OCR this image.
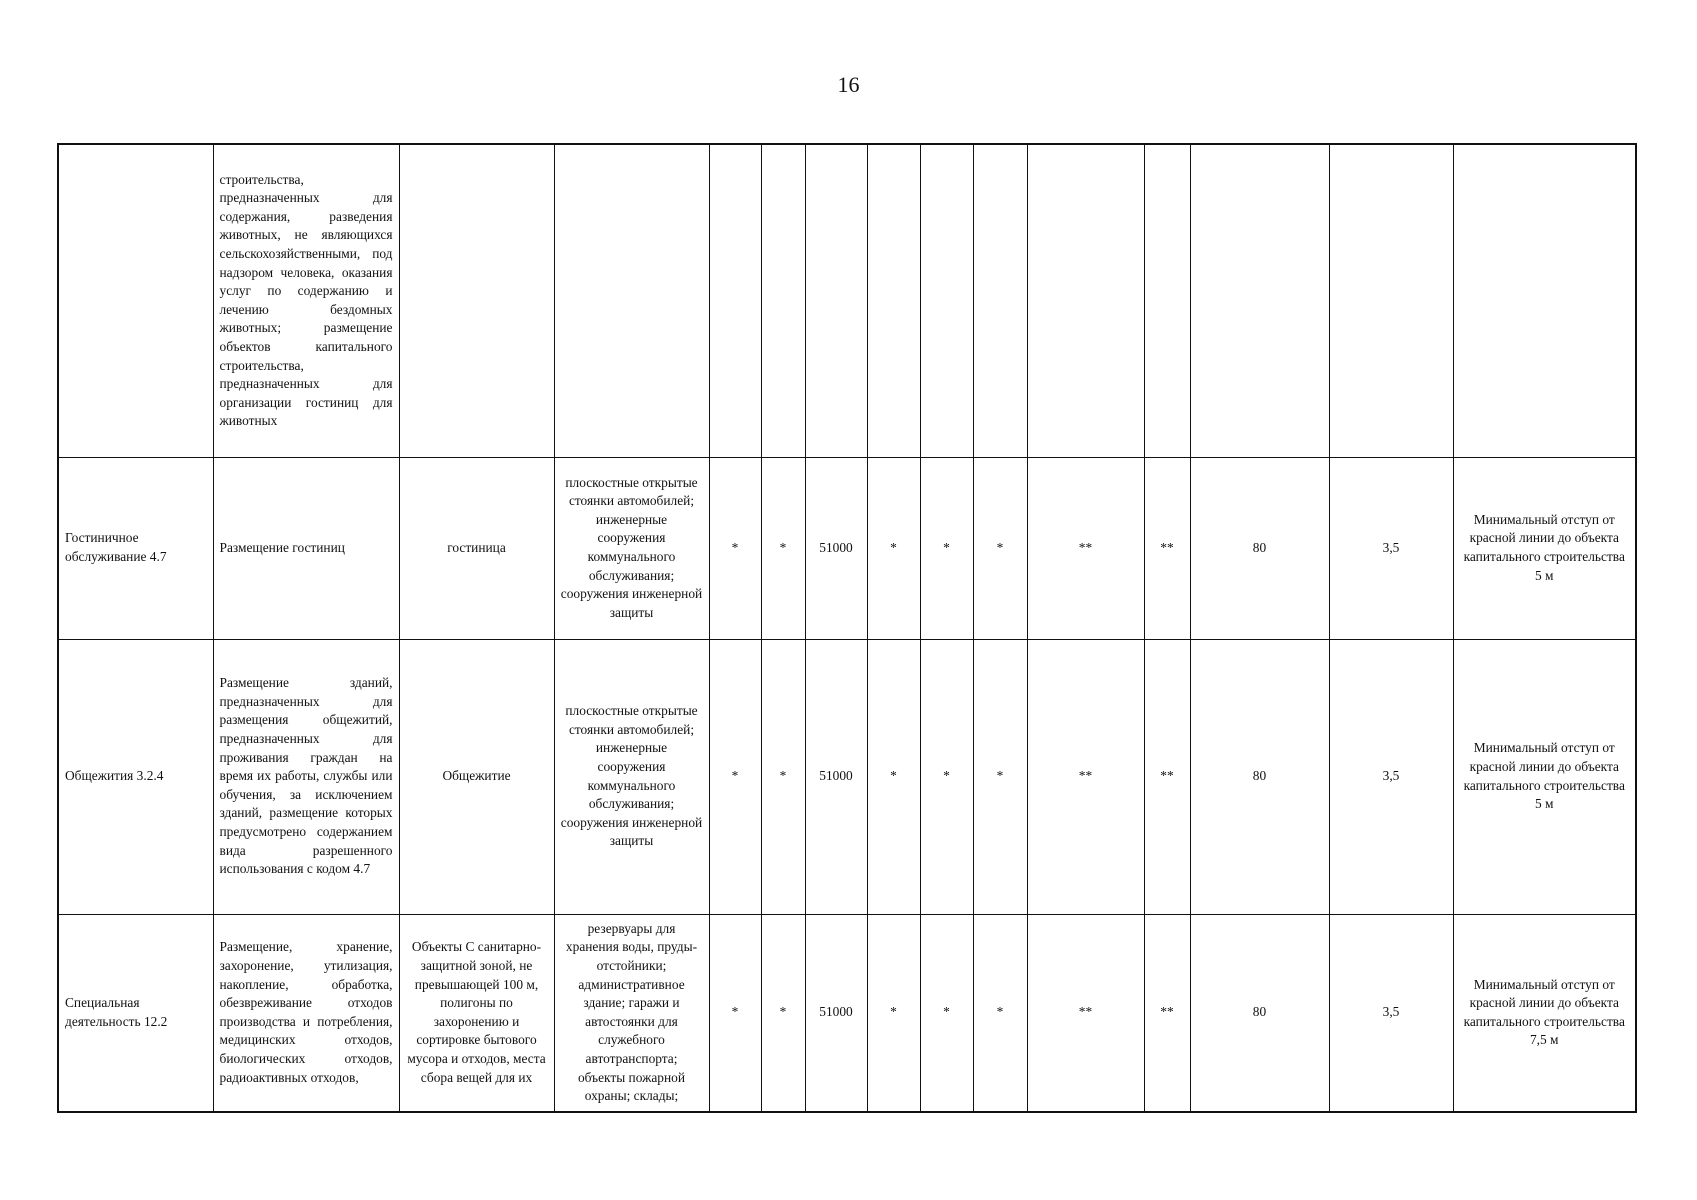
16
	строительства, предназначенных для содержания, разведения животных, не являющихся сельскохозяйственными, под надзором человека, оказания услуг по содержанию и лечению бездомных животных; размещение объектов капитального строительства, предназначенных для организации гостиниц для животных													
Гостиничное обслуживание 4.7	Размещение гостиниц	гостиница	плоскостные открытые стоянки автомобилей; инженерные сооружения коммунального обслуживания; сооружения инженерной защиты	*	*	51000	*	*	*	**	**	80	3,5	Минимальный отступ от красной линии до объекта капитального строительства 5 м
Общежития 3.2.4	Размещение зданий, предназначенных для размещения общежитий, предназначенных для проживания граждан на время их работы, службы или обучения, за исключением зданий, размещение которых предусмотрено содержанием вида разрешенного использования с кодом 4.7	Общежитие	плоскостные открытые стоянки автомобилей; инженерные сооружения коммунального обслуживания; сооружения инженерной защиты	*	*	51000	*	*	*	**	**	80	3,5	Минимальный отступ от красной линии до объекта капитального строительства 5 м
Специальная деятельность 12.2	Размещение, хранение, захоронение, утилизация, накопление, обработка, обезвреживание отходов производства и потребления, медицинских отходов, биологических отходов, радиоактивных отходов,	Объекты С санитарно-защитной зоной, не превышающей 100 м, полигоны по захоронению и сортировке бытового мусора и отходов, места сбора вещей для их	резервуары для хранения воды, пруды-отстойники; административное здание; гаражи и автостоянки для служебного автотранспорта; объекты пожарной охраны; склады;	*	*	51000	*	*	*	**	**	80	3,5	Минимальный отступ от красной линии до объекта капитального строительства 7,5 м
